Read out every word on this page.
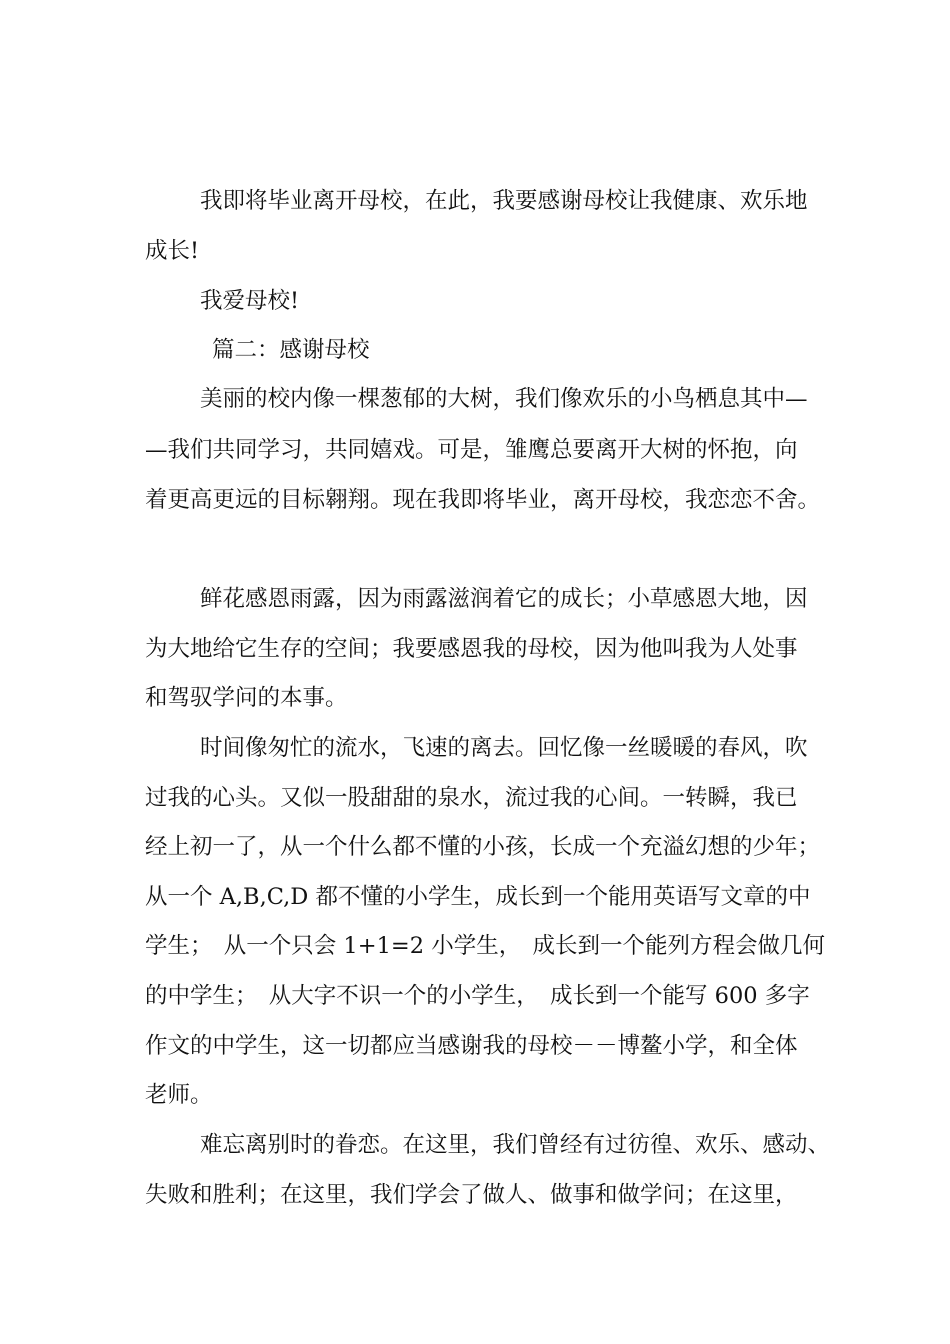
我即将毕业离开母校，在此，我要感谢母校让我健康、欢乐地
成长!
我爱母校!
篇二：感谢母校
美丽的校内像一棵葱郁的大树，我们像欢乐的小鸟栖息其中—
—我们共同学习，共同嬉戏。可是，雏鹰总要离开大树的怀抱，向
着更高更远的目标翱翔。现在我即将毕业，离开母校，我恋恋不舍。
鲜花感恩雨露，因为雨露滋润着它的成长；小草感恩大地，因
为大地给它生存的空间；我要感恩我的母校，因为他叫我为人处事
和驾驭学问的本事。
时间像匆忙的流水，飞速的离去。回忆像一丝暖暖的春风，吹
过我的心头。又似一股甜甜的泉水，流过我的心间。一转瞬，我已
经上初一了，从一个什么都不懂的小孩，长成一个充溢幻想的少年；
从一个 A,B,C,D 都不懂的小学生，成长到一个能用英语写文章的中
学生；　从一个只会 1+1=2 小学生，　成长到一个能列方程会做几何
的中学生；　从大字不识一个的小学生，　成长到一个能写 600 多字
作文的中学生，这一切都应当感谢我的母校－－博鳌小学，和全体
老师。
难忘离别时的眷恋。在这里，我们曾经有过彷徨、欢乐、感动、
失败和胜利；在这里，我们学会了做人、做事和做学问；在这里，
